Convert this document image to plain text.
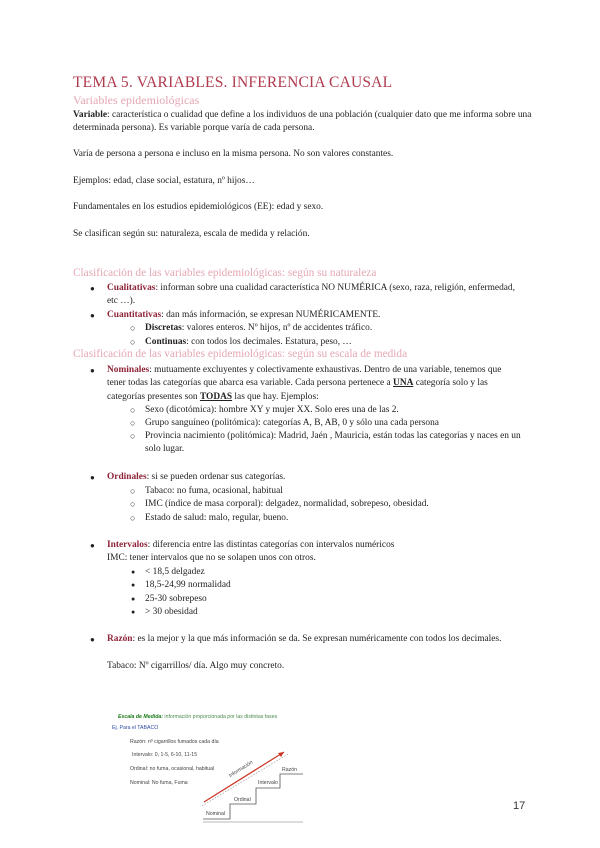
TEMA 5. VARIABLES. INFERENCIA CAUSAL
Variables epidemiológicas

Variable: característica o cualidad que define a los individuos de una población (cualquier dato que me informa sobre una determinada persona). Es variable porque varía de cada persona.

Varía de persona a persona e incluso en la misma persona. No son valores constantes.

Ejemplos: edad, clase social, estatura, nº hijos…

Fundamentales en los estudios epidemiológicos (EE): edad y sexo.

Se clasifican según su: naturaleza, escala de medida y relación.

Clasificación de las variables epidemiológicas: según su naturaleza

● Cualitativas: informan sobre una cualidad característica NO NUMÉRICA (sexo, raza, religión, enfermedad, etc …).

● Cuantitativas: dan más información, se expresan NUMÉRICAMENTE.

○ Discretas: valores enteros. Nº hijos, nº de accidentes tráfico.

○ Continuas: con todos los decimales. Estatura, peso, …

Clasificación de las variables epidemiológicas: según su escala de medida

● Nominales: mutuamente excluyentes y colectivamente exhaustivas. Dentro de una variable, tenemos que tener todas las categorías que abarca esa variable. Cada persona pertenece a UNA categoría solo y las categorías presentes son TODAS las que hay. Ejemplos:

○ Sexo (dicotómica): hombre XY y mujer XX. Solo eres una de las 2.

○ Grupo sanguíneo (politómica): categorías A, B, AB, 0 y sólo una cada persona

○ Provincia nacimiento (politómica): Madrid, Jaén , Mauricia, están todas las categorías y naces en un solo lugar.

● Ordinales: si se pueden ordenar sus categorías.

○ Tabaco: no fuma, ocasional, habitual

○ IMC (índice de masa corporal): delgadez, normalidad, sobrepeso, obesidad.

○ Estado de salud: malo, regular, bueno.

● Intervalos: diferencia entre las distintas categorías con intervalos numéricos

IMC: tener intervalos que no se solapen unos con otros.

● < 18,5 delgadez

● 18,5-24,99 normalidad

● 25-30 sobrepeso

● > 30 obesidad

● Razón: es la mejor y la que más información se da. Se expresan numéricamente con todos los decimales.

Tabaco: Nº cigarrillos/ día. Algo muy concreto.

Escala de Medida: información proporcionada por las distintas fases
Ej. Para el TABACO
Razón: nº cigarrillos fumados cada día
Intervalo: 0, 1-5, 6-10, 11-15
Ordinal: no fuma, ocasional, habitual
Nominal: No fuma, Fuma
Nominal
Ordinal
Intervalo
Razón
Información
17
